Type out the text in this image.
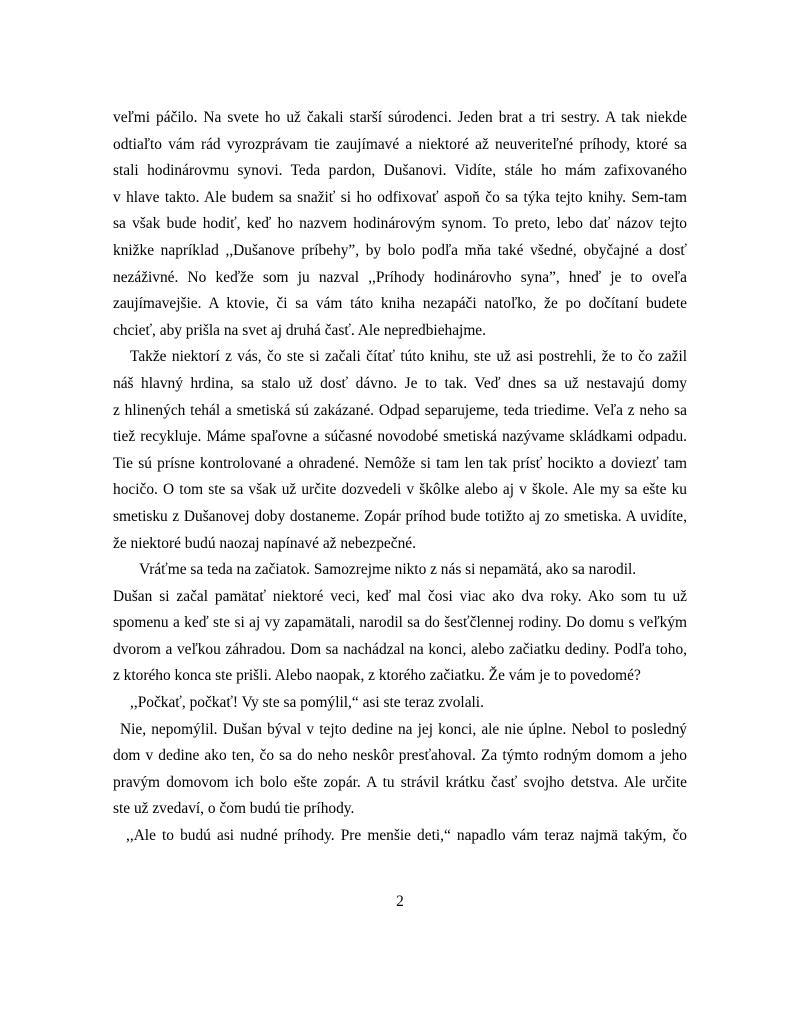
veľmi páčilo. Na svete ho už čakali starší súrodenci. Jeden brat a tri sestry. A tak niekde
odtiaľto vám rád vyrozprávam tie zaujímavé a niektoré až neuveriteľné príhody, ktoré sa
stali hodinárovmu synovi. Teda pardon, Dušanovi. Vidíte, stále ho mám zafixovaného
v hlave takto. Ale budem sa snažiť si ho odfixovať aspoň čo sa týka tejto knihy. Sem-tam
sa však bude hodiť, keď ho nazvem hodinárovým synom. To preto, lebo dať názov tejto
knižke napríklad ,,Dušanove príbehy”, by bolo podľa mňa také všedné, obyčajné a dosť
nezáživné. No keďže som ju nazval ,,Príhody hodinárovho syna”, hneď je to oveľa
zaujímavejšie. A ktovie, či sa vám táto kniha nezapáči natoľko, že po dočítaní budete
chcieť, aby prišla na svet aj druhá časť. Ale nepredbiehajme.
Takže niektorí z vás, čo ste si začali čítať túto knihu, ste už asi postrehli, že to čo zažil
náš hlavný hrdina, sa stalo už dosť dávno. Je to tak. Veď dnes sa už nestavajú domy
z hlinených tehál a smetiská sú zakázané. Odpad separujeme, teda triedime. Veľa z neho sa
tiež recykluje. Máme spaľovne a súčasné novodobé smetiská nazývame skládkami odpadu.
Tie sú prísne kontrolované a ohradené. Nemôže si tam len tak prísť hocikto a doviezť tam
hocičo. O tom ste sa však už určite dozvedeli v škôlke alebo aj v škole. Ale my sa ešte ku
smetisku z Dušanovej doby dostaneme. Zopár príhod bude totižto aj zo smetiska. A uvidíte,
že niektoré budú naozaj napínavé až nebezpečné.
Vráťme sa teda na začiatok. Samozrejme nikto z nás si nepamätá, ako sa narodil.
Dušan si začal pamätať niektoré veci, keď mal čosi viac ako dva roky. Ako som tu už
spomenu a keď ste si aj vy zapamätali, narodil sa do šesťčlennej rodiny. Do domu s veľkým
dvorom a veľkou záhradou. Dom sa nachádzal na konci, alebo začiatku dediny. Podľa toho,
z ktorého konca ste prišli. Alebo naopak, z ktorého začiatku. Že vám je to povedomé?
,,Počkať, počkať! Vy ste sa pomýlil,“ asi ste teraz zvolali.
Nie, nepomýlil. Dušan býval v tejto dedine na jej konci, ale nie úplne. Nebol to posledný
dom v dedine ako ten, čo sa do neho neskôr presťahoval. Za týmto rodným domom a jeho
pravým domovom ich bolo ešte zopár. A tu strávil krátku časť svojho detstva. Ale určite
ste už zvedaví, o čom budú tie príhody.
,,Ale to budú asi nudné príhody. Pre menšie deti,“ napadlo vám teraz najmä takým, čo
2
